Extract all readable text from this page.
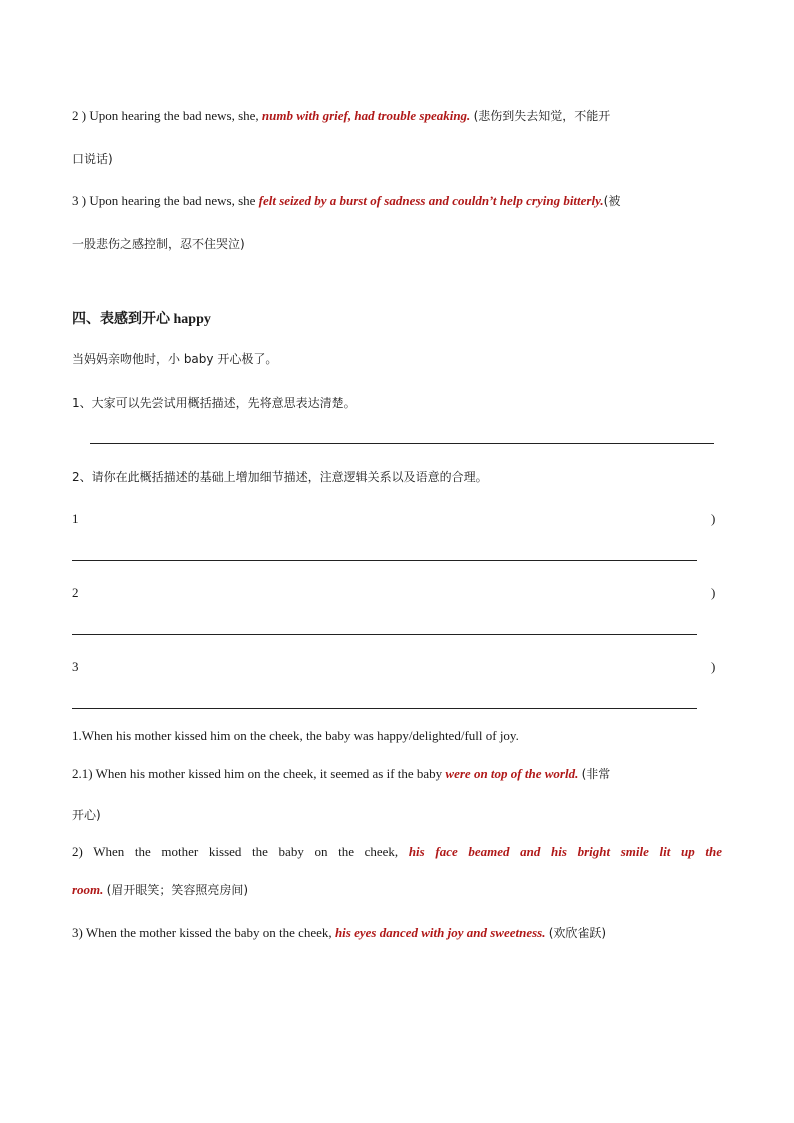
2 ) Upon hearing the bad news, she, numb with grief, had trouble speaking. (悲伤到失去知觉，不能开
口说话)
3 ) Upon hearing the bad news, she felt seized by a burst of sadness and couldn’t help crying bitterly.(被
一股悲伤之感控制，忍不住哭泣)
四、表感到开心 happy
当妈妈亲吻他时，小 baby 开心极了。
1、大家可以先尝试用概括描述，先将意思表达清楚。
2、请你在此概括描述的基础上增加细节描述，注意逻辑关系以及语意的合理。
1	)
2	)
3	)
1.When his mother kissed him on the cheek, the baby was happy/delighted/full of joy.
2.1) When his mother kissed him on the cheek, it seemed as if the baby were on top of the world. (非常
开心)
2) When the mother kissed the baby on the cheek, his face beamed and his bright smile lit up the
room. (眉开眼笑；笑容照亮房间)
3) When the mother kissed the baby on the cheek, his eyes danced with joy and sweetness. (欢欣雀跃)
